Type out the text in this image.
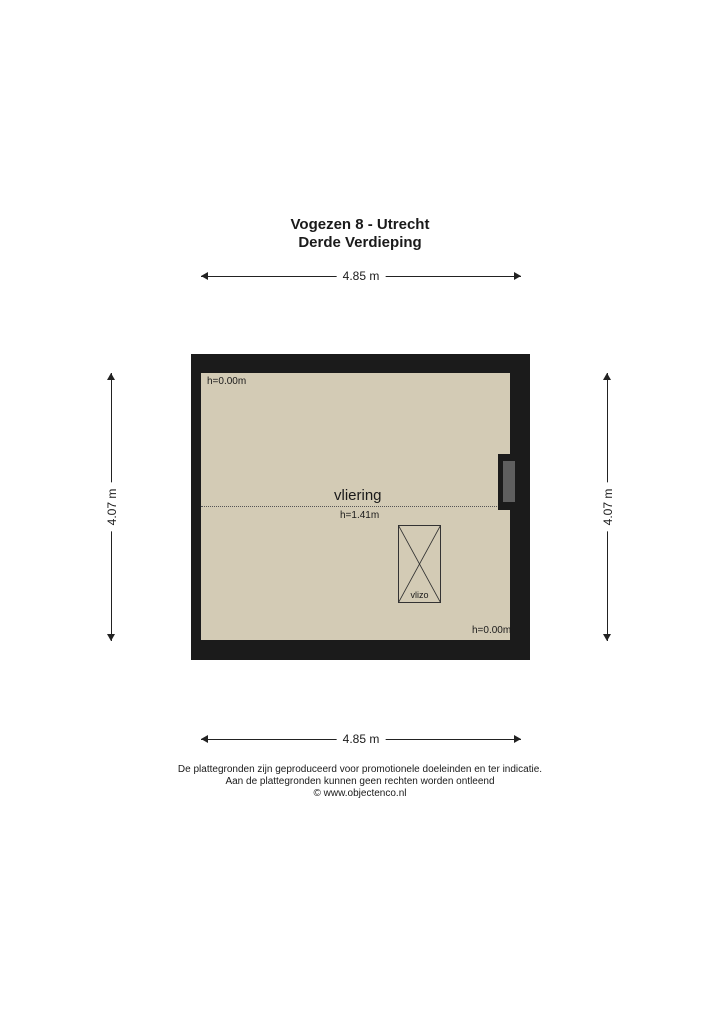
Vogezen 8 - Utrecht
Derde Verdieping
4.85 m
4.07 m	4.07 m
h=0.00m
vliering
h=1.41m
vlizo
h=0.00m
4.85 m
De plattegronden zijn geproduceerd voor promotionele doeleinden en ter indicatie.
Aan de plattegronden kunnen geen rechten worden ontleend
© www.objectenco.nl
